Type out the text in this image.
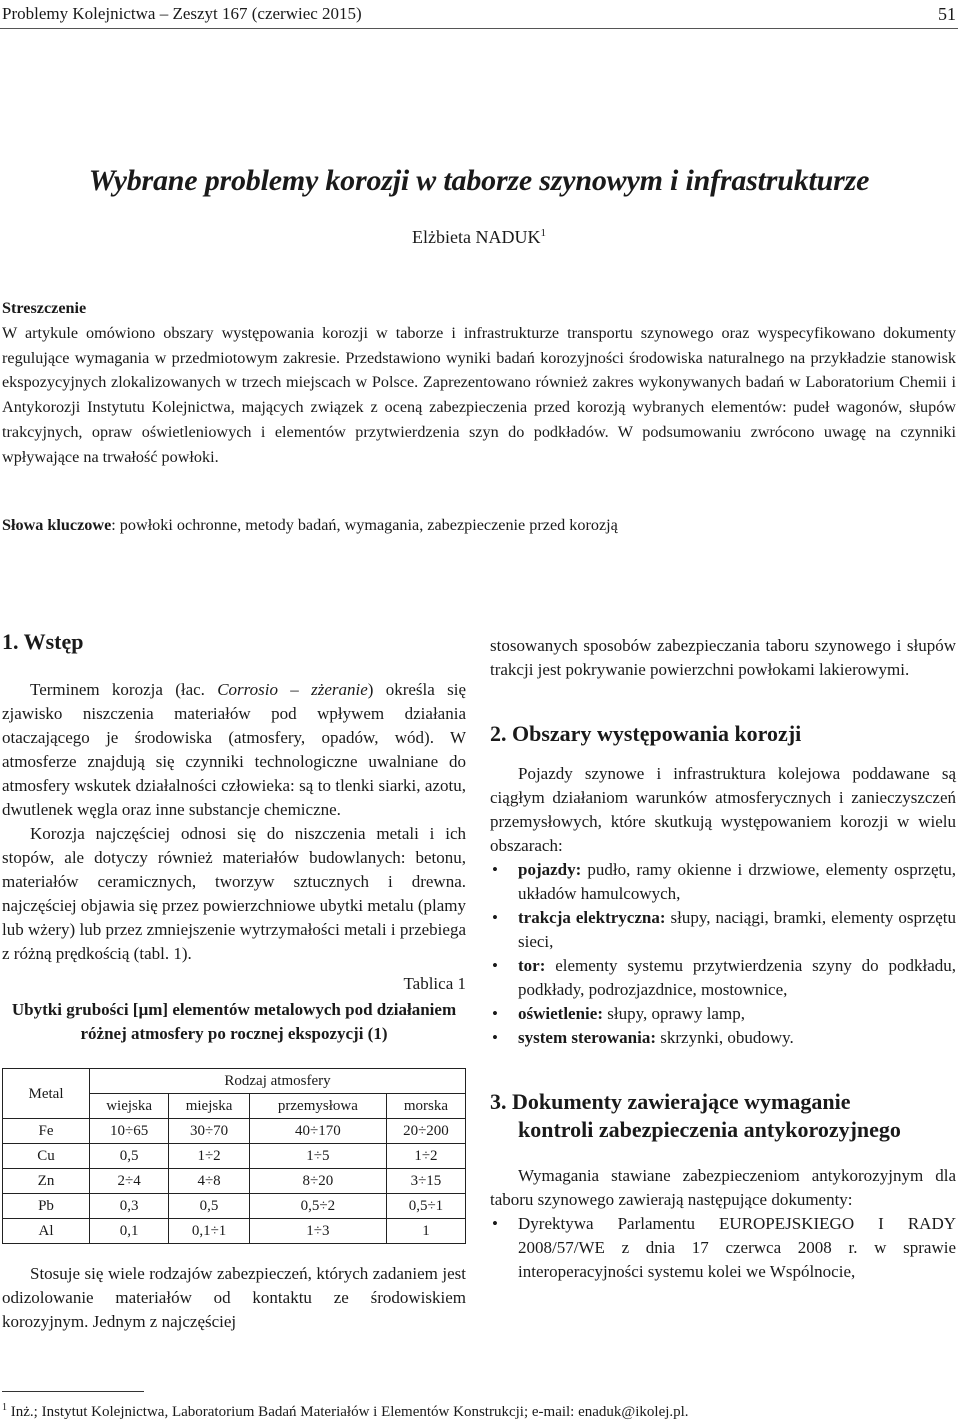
Problemy Kolejnictwa – Zeszyt 167 (czerwiec 2015)	51
Wybrane problemy korozji w taborze szynowym i infrastrukturze
Elżbieta NADUK$^1$
Streszczenie

W artykule omówiono obszary występowania korozji w taborze i infrastrukturze transportu szynowego oraz wyspecyfikowano dokumenty regulujące wymagania w przedmiotowym zakresie. Przedstawiono wyniki badań korozyjności środowiska naturalnego na przykładzie stanowisk ekspozycyjnych zlokalizowanych w trzech miejscach w Polsce. Zaprezentowano również zakres wykonywanych badań w Laboratorium Chemii i Antykorozji Instytutu Kolejnictwa, mających związek z oceną zabezpieczenia przed korozją wybranych elementów: pudeł wagonów, słupów trakcyjnych, opraw oświetleniowych i elementów przytwierdzenia szyn do podkładów. W podsumowaniu zwrócono uwagę na czynniki wpływające na trwałość powłoki.

Słowa kluczowe: powłoki ochronne, metody badań, wymagania, zabezpieczenie przed korozją
1. Wstęp

Terminem korozja (łac. Corrosio – zżeranie) określa się zjawisko niszczenia materiałów pod wpływem działania otaczającego je środowiska (atmosfery, opadów, wód). W atmosferze znajdują się czynniki technologiczne uwalniane do atmosfery wskutek działalności człowieka: są to tlenki siarki, azotu, dwutlenek węgla oraz inne substancje chemiczne.

Korozja najczęściej odnosi się do niszczenia metali i ich stopów, ale dotyczy również materiałów budowlanych: betonu, materiałów ceramicznych, tworzyw sztucznych i drewna. najczęściej objawia się przez powierzchniowe ubytki metalu (plamy lub wżery) lub przez zmniejszenie wytrzymałości metali i przebiega z różną prędkością (tabl. 1).

Tablica 1
Ubytki grubości [µm] elementów metalowych pod działaniem różnej atmosfery po rocznej ekspozycji (1)
Metal	Rodzaj atmosfery			
	wiejska	miejska	przemysłowa	morska
Fe	10÷65	30÷70	40÷170	20÷200
Cu	0,5	1÷2	1÷5	1÷2
Zn	2÷4	4÷8	8÷20	3÷15
Pb	0,3	0,5	0,5÷2	0,5÷1
Al	0,1	0,1÷1	1÷3	1

Stosuje się wiele rodzajów zabezpieczeń, których zadaniem jest odizolowanie materiałów od kontaktu ze środowiskiem korozyjnym. Jednym z najczęściej

stosowanych sposobów zabezpieczania taboru szynowego i słupów trakcji jest pokrywanie powierzchni powłokami lakierowymi.

2. Obszary występowania korozji

Pojazdy szynowe i infrastruktura kolejowa poddawane są ciągłym działaniom warunków atmosferycznych i zanieczyszczeń przemysłowych, które skutkują występowaniem korozji w wielu obszarach:

• pojazdy: pudło, ramy okienne i drzwiowe, elementy osprzętu, układów hamulcowych,
• trakcja elektryczna: słupy, naciągi, bramki, elementy osprzętu sieci,
• tor: elementy systemu przytwierdzenia szyny do podkładu, podkłady, podrozjazdnice, mostownice,
• oświetlenie: słupy, oprawy lamp,
• system sterowania: skrzynki, obudowy.
3. Dokumenty zawierające wymaganie
kontroli zabezpieczenia antykorozyjnego

Wymagania stawiane zabezpieczeniom antykorozyjnym dla taboru szynowego zawierają następujące dokumenty:

• Dyrektywa Parlamentu EUROPEJSKIEGO I RADY 2008/57/WE z dnia 17 czerwca 2008 r. w sprawie interoperacyjności systemu kolei we Wspólnocie,
$^1$ Inż.; Instytut Kolejnictwa, Laboratorium Badań Materiałów i Elementów Konstrukcji; e-mail: enaduk@ikolej.pl.
